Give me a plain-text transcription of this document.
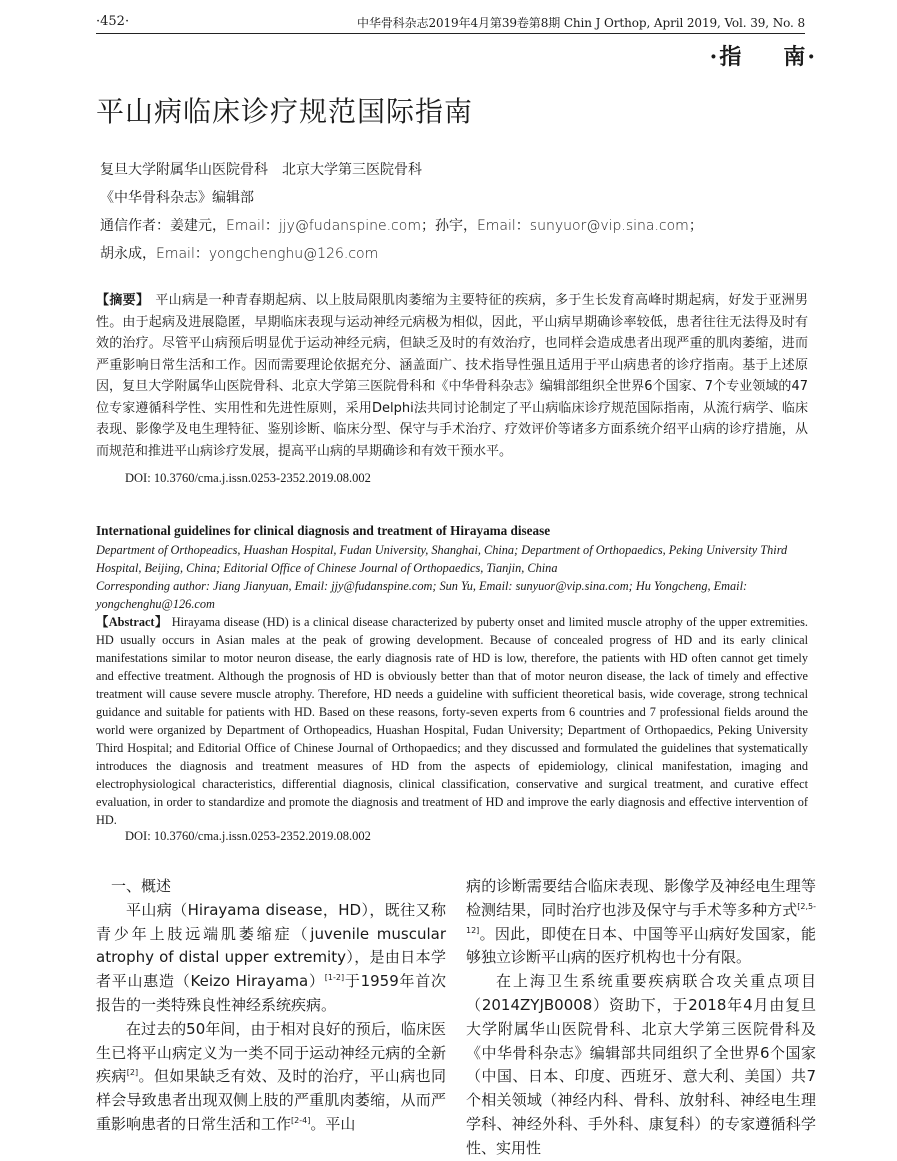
·452·	中华骨科杂志2019年4月第39卷第8期 Chin J Orthop, April 2019, Vol. 39, No. 8
·指 南·
平山病临床诊疗规范国际指南
复旦大学附属华山医院骨科　北京大学第三医院骨科
《中华骨科杂志》编辑部
通信作者：姜建元，Email：jjy@fudanspine.com；孙宇，Email：sunyuor@vip.sina.com；
胡永成，Email：yongchenghu@126.com
【摘要】 平山病是一种青春期起病、以上肢局限肌肉萎缩为主要特征的疾病，多于生长发育高峰时期起病，好发于亚洲男性。由于起病及进展隐匿，早期临床表现与运动神经元病极为相似，因此，平山病早期确诊率较低，患者往往无法得及时有效的治疗。尽管平山病预后明显优于运动神经元病，但缺乏及时的有效治疗，也同样会造成患者出现严重的肌肉萎缩，进而严重影响日常生活和工作。因而需要理论依据充分、涵盖面广、技术指导性强且适用于平山病患者的诊疗指南。基于上述原因，复旦大学附属华山医院骨科、北京大学第三医院骨科和《中华骨科杂志》编辑部组织全世界6个国家、7个专业领域的47位专家遵循科学性、实用性和先进性原则，采用Delphi法共同讨论制定了平山病临床诊疗规范国际指南，从流行病学、临床表现、影像学及电生理特征、鉴别诊断、临床分型、保守与手术治疗、疗效评价等诸多方面系统介绍平山病的诊疗措施，从而规范和推进平山病诊疗发展，提高平山病的早期确诊和有效干预水平。
DOI: 10.3760/cma.j.issn.0253-2352.2019.08.002
International guidelines for clinical diagnosis and treatment of Hirayama disease
Department of Orthopeadics, Huashan Hospital, Fudan University, Shanghai, China; Department of Orthopaedics, Peking University Third Hospital, Beijing, China; Editorial Office of Chinese Journal of Orthopaedics, Tianjin, China
Corresponding author: Jiang Jianyuan, Email: jjy@fudanspine.com; Sun Yu, Email: sunyuor@vip.sina.com; Hu Yongcheng, Email: yongchenghu@126.com
【Abstract】 Hirayama disease (HD) is a clinical disease characterized by puberty onset and limited muscle atrophy of the upper extremities. HD usually occurs in Asian males at the peak of growing development. Because of concealed progress of HD and its early clinical manifestations similar to motor neuron disease, the early diagnosis rate of HD is low, therefore, the patients with HD often cannot get timely and effective treatment. Although the prognosis of HD is obviously better than that of motor neuron disease, the lack of timely and effective treatment will cause severe muscle atrophy. Therefore, HD needs a guideline with sufficient theoretical basis, wide coverage, strong technical guidance and suitable for patients with HD. Based on these reasons, forty-seven experts from 6 countries and 7 professional fields around the world were organized by Department of Orthopeadics, Huashan Hospital, Fudan University; Department of Orthopaedics, Peking University Third Hospital; and Editorial Office of Chinese Journal of Orthopaedics; and they discussed and formulated the guidelines that systematically introduces the diagnosis and treatment measures of HD from the aspects of epidemiology, clinical manifestation, imaging and electrophysiological characteristics, differential diagnosis, clinical classification, conservative and surgical treatment, and curative effect evaluation, in order to standardize and promote the diagnosis and treatment of HD and improve the early diagnosis and effective intervention of HD.
DOI: 10.3760/cma.j.issn.0253-2352.2019.08.002
一、概述

平山病（Hirayama disease，HD），既往又称青少年上肢远端肌萎缩症（juvenile muscular atrophy of distal upper extremity），是由日本学者平山惠造（Keizo Hirayama）[1-2]于1959年首次报告的一类特殊良性神经系统疾病。

在过去的50年间，由于相对良好的预后，临床医生已将平山病定义为一类不同于运动神经元病的全新疾病[2]。但如果缺乏有效、及时的治疗，平山病也同样会导致患者出现双侧上肢的严重肌肉萎缩，从而严重影响患者的日常生活和工作[2-4]。平山

病的诊断需要结合临床表现、影像学及神经电生理等检测结果，同时治疗也涉及保守与手术等多种方式[2,5-12]。因此，即使在日本、中国等平山病好发国家，能够独立诊断平山病的医疗机构也十分有限。

在上海卫生系统重要疾病联合攻关重点项目（2014ZYJB0008）资助下，于2018年4月由复旦大学附属华山医院骨科、北京大学第三医院骨科及《中华骨科杂志》编辑部共同组织了全世界6个国家（中国、日本、印度、西班牙、意大利、美国）共7个相关领域（神经内科、骨科、放射科、神经电生理学科、神经外科、手外科、康复科）的专家遵循科学性、实用性
